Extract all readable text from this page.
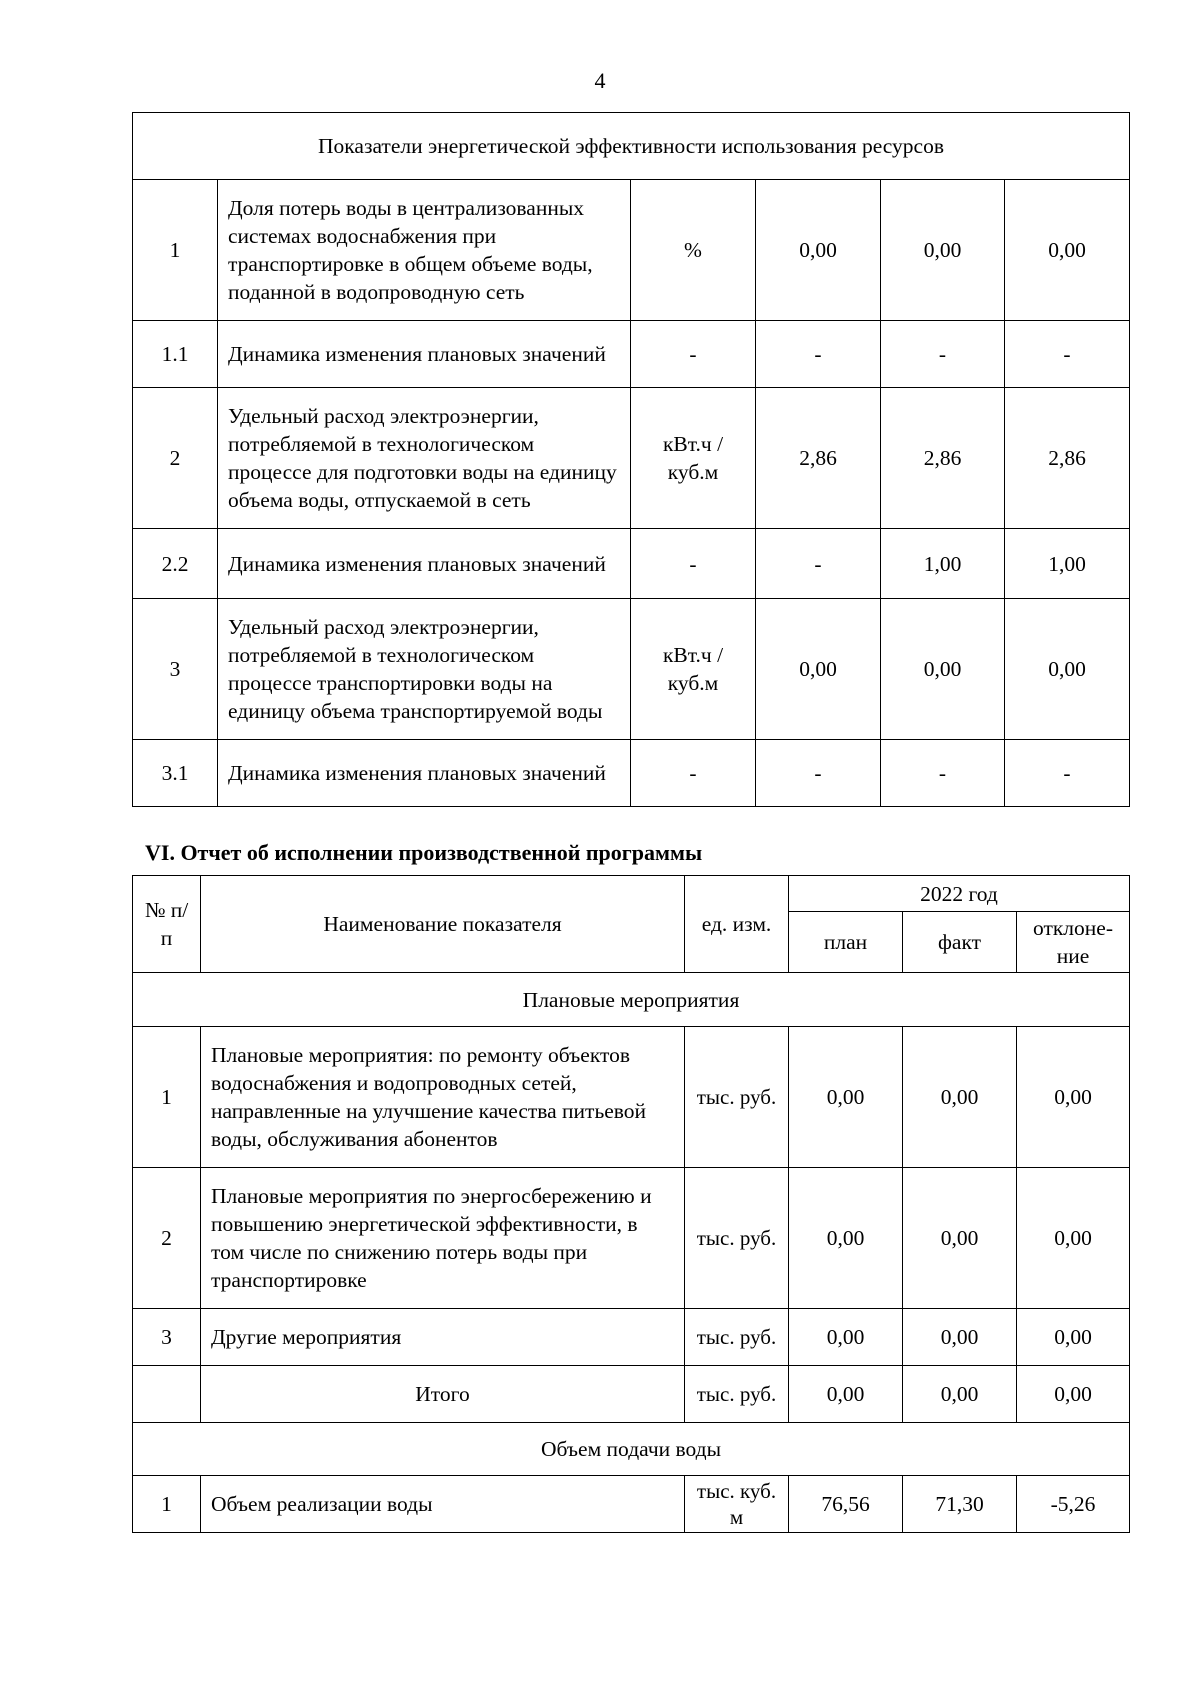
4
Показатели энергетической эффективности использования ресурсов					
1	Доля потерь воды в централизованных системах водоснабжения при транспортировке в общем объеме воды, поданной в водопроводную сеть	%	0,00	0,00	0,00
1.1	Динамика изменения плановых значений	-	-	-	-
2	Удельный расход электроэнергии, потребляемой в технологическом процессе для подготовки воды на единицу объема воды, отпускаемой в сеть	кВт.ч / куб.м	2,86	2,86	2,86
2.2	Динамика изменения плановых значений	-	-	1,00	1,00
3	Удельный расход электроэнергии, потребляемой в технологическом процессе транспортировки воды на единицу объема транспортируемой воды	кВт.ч / куб.м	0,00	0,00	0,00
3.1	Динамика изменения плановых значений	-	-	-	-
VI. Отчет об исполнении производственной программы
№ п/п	Наименование показателя	ед. изм.	2022 год		
			план	факт	отклоне-ние
Плановые мероприятия					
1	Плановые мероприятия: по ремонту объектов водоснабжения и водопроводных сетей, направленные на улучшение качества питьевой воды, обслуживания абонентов	тыс. руб.	0,00	0,00	0,00
2	Плановые мероприятия по энергосбережению и повышению энергетической эффективности, в том числе по снижению потерь воды при транспортировке	тыс. руб.	0,00	0,00	0,00
3	Другие мероприятия	тыс. руб.	0,00	0,00	0,00
	Итого	тыс. руб.	0,00	0,00	0,00
Объем подачи воды					
1	Объем реализации воды	тыс. куб. м	76,56	71,30	-5,26
